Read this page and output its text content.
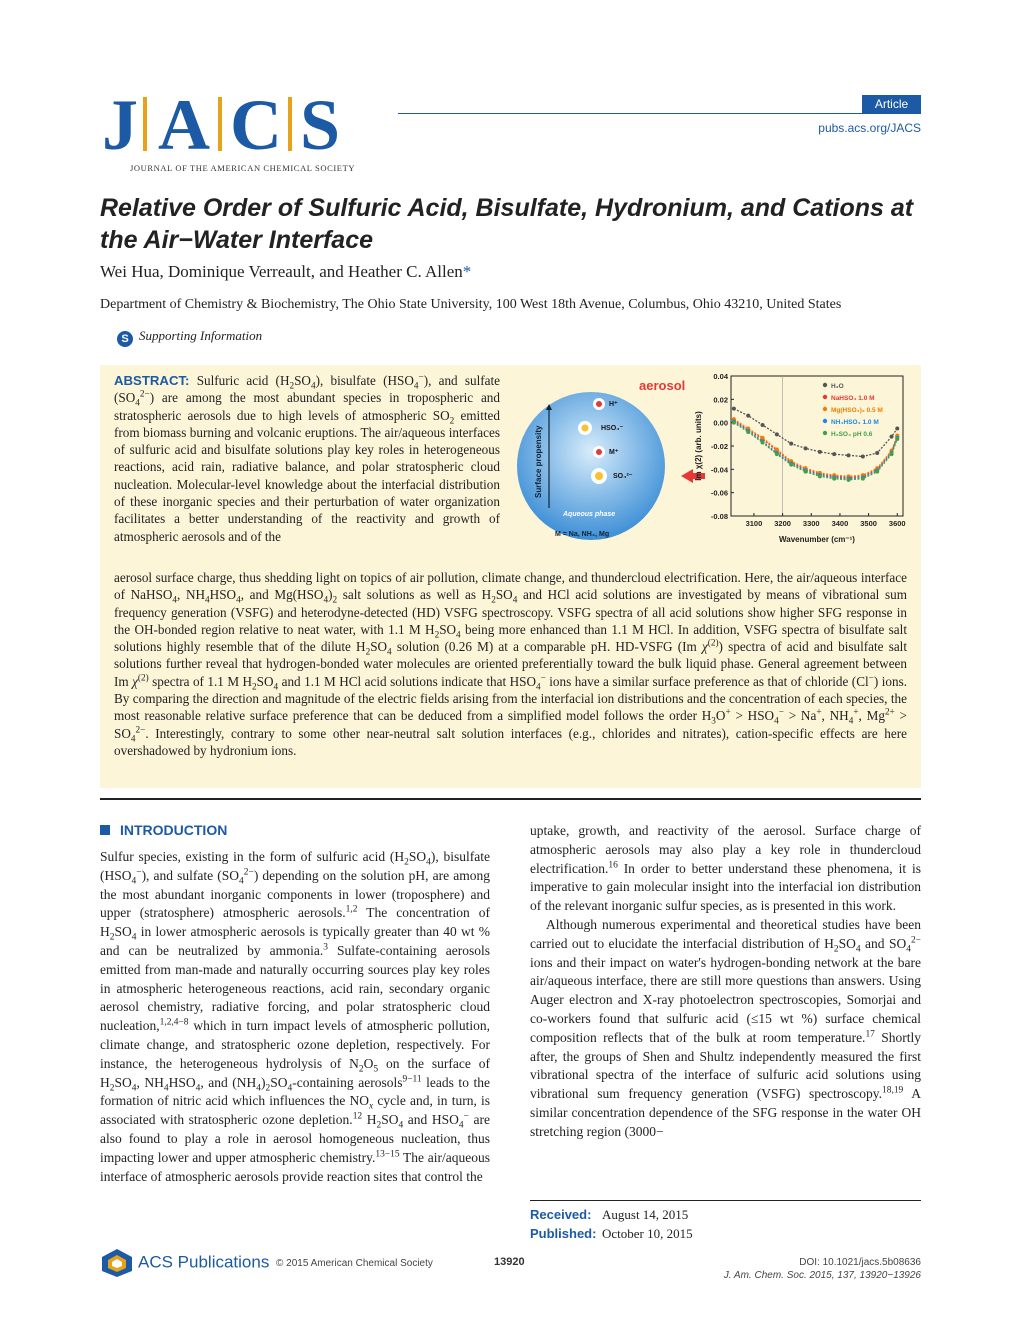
Article
pubs.acs.org/JACS
J A C S
JOURNAL OF THE AMERICAN CHEMICAL SOCIETY
Relative Order of Sulfuric Acid, Bisulfate, Hydronium, and Cations at the Air−Water Interface
Wei Hua, Dominique Verreault, and Heather C. Allen*
Department of Chemistry & Biochemistry, The Ohio State University, 100 West 18th Avenue, Columbus, Ohio 43210, United States
S Supporting Information

ABSTRACT: Sulfuric acid $(H_2SO_4)$, bisulfate $(HSO_4^-)$, and sulfate $(SO_4^{2-})$ are among the most abundant species in tropospheric and stratospheric aerosols due to high levels of atmospheric $SO_2$ emitted from biomass burning and volcanic eruptions. The air/aqueous interfaces of sulfuric acid and bisulfate solutions play key roles in heterogeneous reactions, acid rain, radiative balance, and polar stratospheric cloud nucleation. Molecular-level knowledge about the interfacial distribution of these inorganic species and their perturbation of water organization facilitates a better understanding of the reactivity and growth of atmospheric aerosols and of the

aerosol
Surface propensity
H⁺
HSO₄⁻
M⁺
SO₄²⁻
Aqueous phase
M = Na, NH₄, Mg
0.04
0.02
0.00
-0.02
-0.04
-0.06
-0.08
3100 3200 3300 3400 3500 3600
Wavenumber (cm⁻¹)
Im χ(2) (arb. units)
H₂O
NaHSO₄ 1.0 M
Mg(HSO₄)₂ 0.5 M
NH₄HSO₄ 1.0 M
H₂SO₄ pH 0.6

aerosol surface charge, thus shedding light on topics of air pollution, climate change, and thundercloud electrification. Here, the air/aqueous interface of NaHSO$_4$, $NH_4HSO_4$, and $Mg(HSO_4)_2$ salt solutions as well as $H_2SO_4$ and HCl acid solutions are investigated by means of vibrational sum frequency generation (VSFG) and heterodyne-detected (HD) VSFG spectroscopy. VSFG spectra of all acid solutions show higher SFG response in the OH-bonded region relative to neat water, with 1.1 M $H_2SO_4$ being more enhanced than 1.1 M HCl. In addition, VSFG spectra of bisulfate salt solutions highly resemble that of the dilute $H_2SO_4$ solution (0.26 M) at a comparable pH. HD-VSFG (Im $\chi^{(2)}$) spectra of acid and bisulfate salt solutions further reveal that hydrogen-bonded water molecules are oriented preferentially toward the bulk liquid phase. General agreement between Im $\chi^{(2)}$ spectra of 1.1 M $H_2SO_4$ and 1.1 M HCl acid solutions indicate that $HSO_4^-$ ions have a similar surface preference as that of chloride (Cl−) ions. By comparing the direction and magnitude of the electric fields arising from the interfacial ion distributions and the concentration of each species, the most reasonable relative surface preference that can be deduced from a simplified model follows the order $H_3O^+ > HSO_4^- > Na^+$, $NH_4^+$, $Mg^{2+} > SO_4^{2-}$. Interestingly, contrary to some other near-neutral salt solution interfaces (e.g., chlorides and nitrates), cation-specific effects are here overshadowed by hydronium ions.

INTRODUCTION

Sulfur species, existing in the form of sulfuric acid $(H_2SO_4)$, bisulfate $(HSO_4^-)$, and sulfate $(SO_4^{2-})$ depending on the solution pH, are among the most abundant inorganic components in lower (troposphere) and upper (stratosphere) atmospheric aerosols.$^{1,2}$ The concentration of $H_2SO_4$ in lower atmospheric aerosols is typically greater than 40 wt % and can be neutralized by ammonia.$^3$ Sulfate-containing aerosols emitted from man-made and naturally occurring sources play key roles in atmospheric heterogeneous reactions, acid rain, secondary organic aerosol chemistry, radiative forcing, and polar stratospheric cloud nucleation,$^{1,2,4-8}$ which in turn impact levels of atmospheric pollution, climate change, and stratospheric ozone depletion, respectively. For instance, the heterogeneous hydrolysis of $N_2O_5$ on the surface of $H_2SO_4$, $NH_4HSO_4$, and $(NH_4)_2SO_4$-containing aerosols$^{9-11}$ leads to the formation of nitric acid which influences the $NO_x$ cycle and, in turn, is associated with stratospheric ozone depletion.$^{12}$ $H_2SO_4$ and $HSO_4^-$ are also found to play a role in aerosol homogeneous nucleation, thus impacting lower and upper atmospheric chemistry.$^{13-15}$ The air/aqueous interface of atmospheric aerosols provide reaction sites that control the

uptake, growth, and reactivity of the aerosol. Surface charge of atmospheric aerosols may also play a key role in thundercloud electrification.$^{16}$ In order to better understand these phenomena, it is imperative to gain molecular insight into the interfacial ion distribution of the relevant inorganic sulfur species, as is presented in this work.

Although numerous experimental and theoretical studies have been carried out to elucidate the interfacial distribution of $H_2SO_4$ and $SO_4^{2-}$ ions and their impact on water's hydrogen-bonding network at the bare air/aqueous interface, there are still more questions than answers. Using Auger electron and X-ray photoelectron spectroscopies, Somorjai and co-workers found that sulfuric acid (≤15 wt %) surface chemical composition reflects that of the bulk at room temperature.$^{17}$ Shortly after, the groups of Shen and Shultz independently measured the first vibrational spectra of the interface of sulfuric acid solutions using vibrational sum frequency generation (VSFG) spectroscopy.$^{18,19}$ A similar concentration dependence of the SFG response in the water OH stretching region (3000−

Received: August 14, 2015
Published: October 10, 2015
ACS Publications © 2015 American Chemical Society	13920	DOI: 10.1021/jacs.5b08636
J. Am. Chem. Soc. 2015, 137, 13920−13926
